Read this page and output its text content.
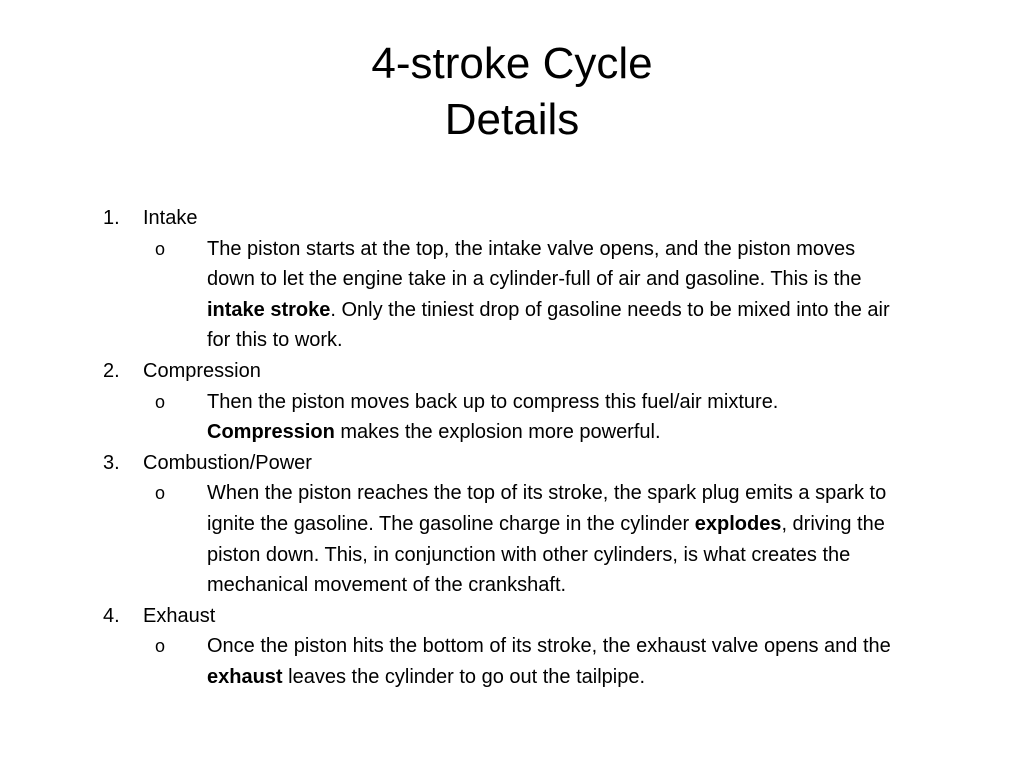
4-stroke Cycle
Details
1.	Intake
o	The piston starts at the top, the intake valve opens, and the piston moves down to let the engine take in a cylinder-full of air and gasoline. This is the intake stroke. Only the tiniest drop of gasoline needs to be mixed into the air for this to work.
2.	Compression
o	Then the piston moves back up to compress this fuel/air mixture. Compression makes the explosion more powerful.
3.	Combustion/Power
o	When the piston reaches the top of its stroke, the spark plug emits a spark to ignite the gasoline. The gasoline charge in the cylinder explodes, driving the piston down. This, in conjunction with other cylinders, is what creates the mechanical movement of the crankshaft.
4.	Exhaust
o	Once the piston hits the bottom of its stroke, the exhaust valve opens and the exhaust leaves the cylinder to go out the tailpipe.
